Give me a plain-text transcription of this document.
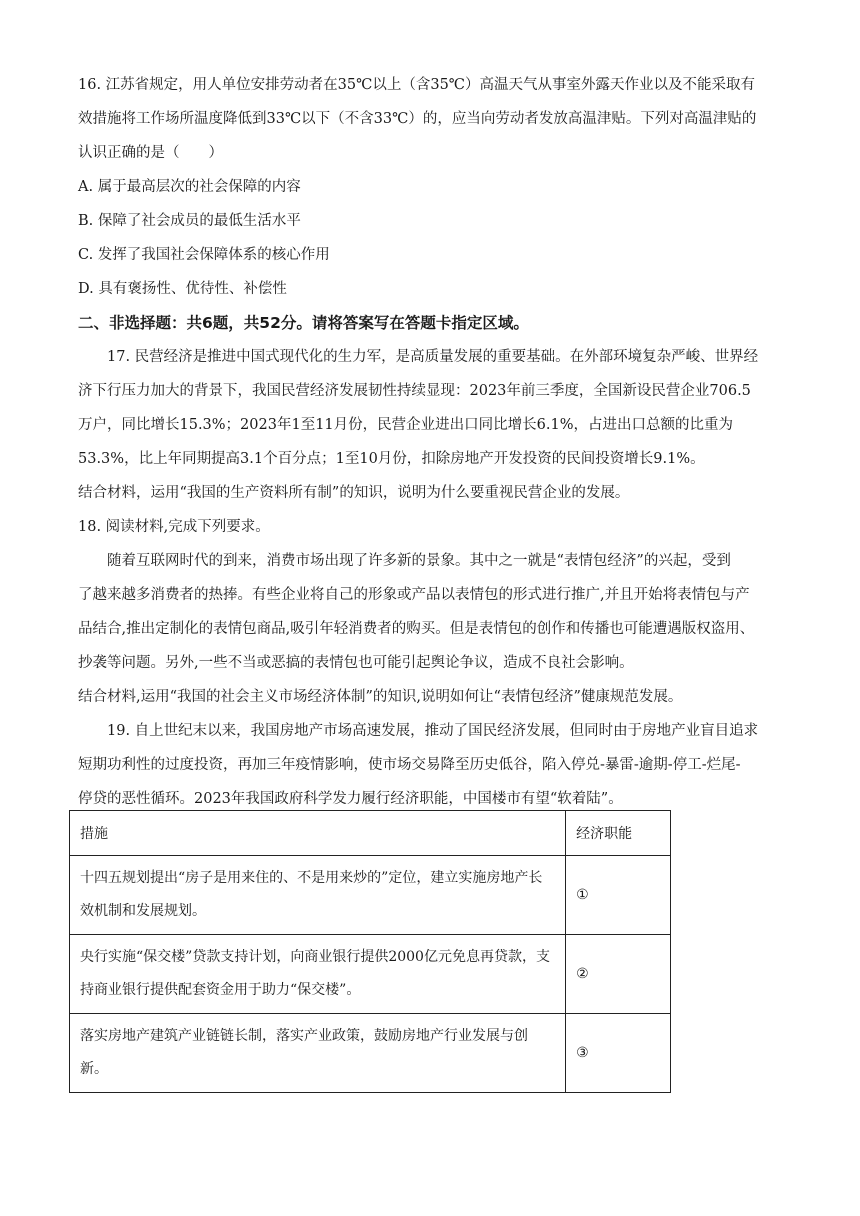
16. 江苏省规定，用人单位安排劳动者在35℃以上（含35℃）高温天气从事室外露天作业以及不能采取有
效措施将工作场所温度降低到33℃以下（不含33℃）的，应当向劳动者发放高温津贴。下列对高温津贴的
认识正确的是（　　）
A. 属于最高层次的社会保障的内容
B. 保障了社会成员的最低生活水平
C. 发挥了我国社会保障体系的核心作用
D. 具有褒扬性、优待性、补偿性
二、非选择题：共6题，共52分。请将答案写在答题卡指定区域。
17. 民营经济是推进中国式现代化的生力军，是高质量发展的重要基础。在外部环境复杂严峻、世界经
济下行压力加大的背景下，我国民营经济发展韧性持续显现：2023年前三季度，全国新设民营企业706.5
万户，同比增长15.3%；2023年1至11月份，民营企业进出口同比增长6.1%，占进出口总额的比重为
53.3%，比上年同期提高3.1个百分点；1至10月份，扣除房地产开发投资的民间投资增长9.1%。
结合材料，运用“我国的生产资料所有制”的知识，说明为什么要重视民营企业的发展。
18. 阅读材料,完成下列要求。
随着互联网时代的到来，消费市场出现了许多新的景象。其中之一就是“表情包经济”的兴起，受到
了越来越多消费者的热捧。有些企业将自己的形象或产品以表情包的形式进行推广,并且开始将表情包与产
品结合,推出定制化的表情包商品,吸引年轻消费者的购买。但是表情包的创作和传播也可能遭遇版权盗用、
抄袭等问题。另外,一些不当或恶搞的表情包也可能引起舆论争议，造成不良社会影响。
结合材料,运用“我国的社会主义市场经济体制”的知识,说明如何让“表情包经济”健康规范发展。
19. 自上世纪末以来，我国房地产市场高速发展，推动了国民经济发展，但同时由于房地产业盲目追求
短期功利性的过度投资，再加三年疫情影响，使市场交易降至历史低谷，陷入停兑-暴雷-逾期-停工-烂尾-
停贷的恶性循环。2023年我国政府科学发力履行经济职能，中国楼市有望“软着陆”。
措施	经济职能

十四五规划提出“房子是用来住的、不是用来炒的”定位，建立实施房地产长效机制和发展规划。	①

央行实施“保交楼”贷款支持计划，向商业银行提供2000亿元免息再贷款，支持商业银行提供配套资金用于助力“保交楼”。	②

落实房地产建筑产业链链长制，落实产业政策，鼓励房地产行业发展与创新。	③
